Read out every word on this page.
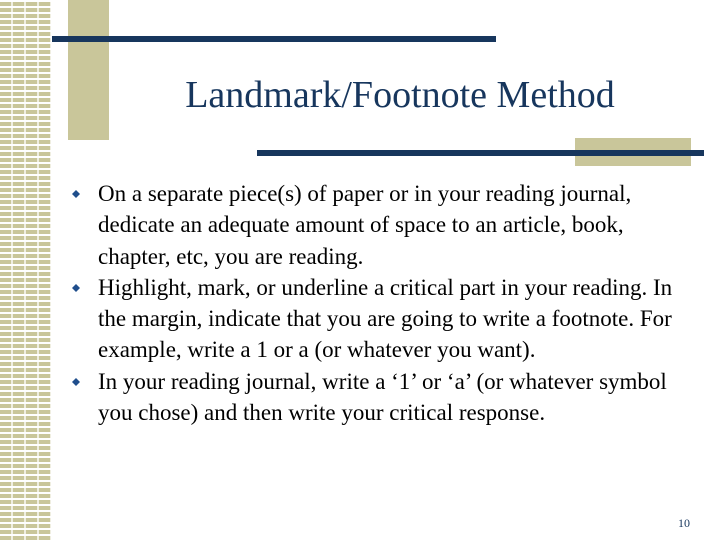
Landmark/Footnote Method
On a separate piece(s) of paper or in your reading journal, dedicate an adequate amount of space to an article, book, chapter, etc, you are reading.
Highlight, mark, or underline a critical part in your reading. In the margin, indicate that you are going to write a footnote. For example, write a 1 or a (or whatever you want).
In your reading journal, write a ‘1’ or ‘a’ (or whatever symbol you chose) and then write your critical response.
10
